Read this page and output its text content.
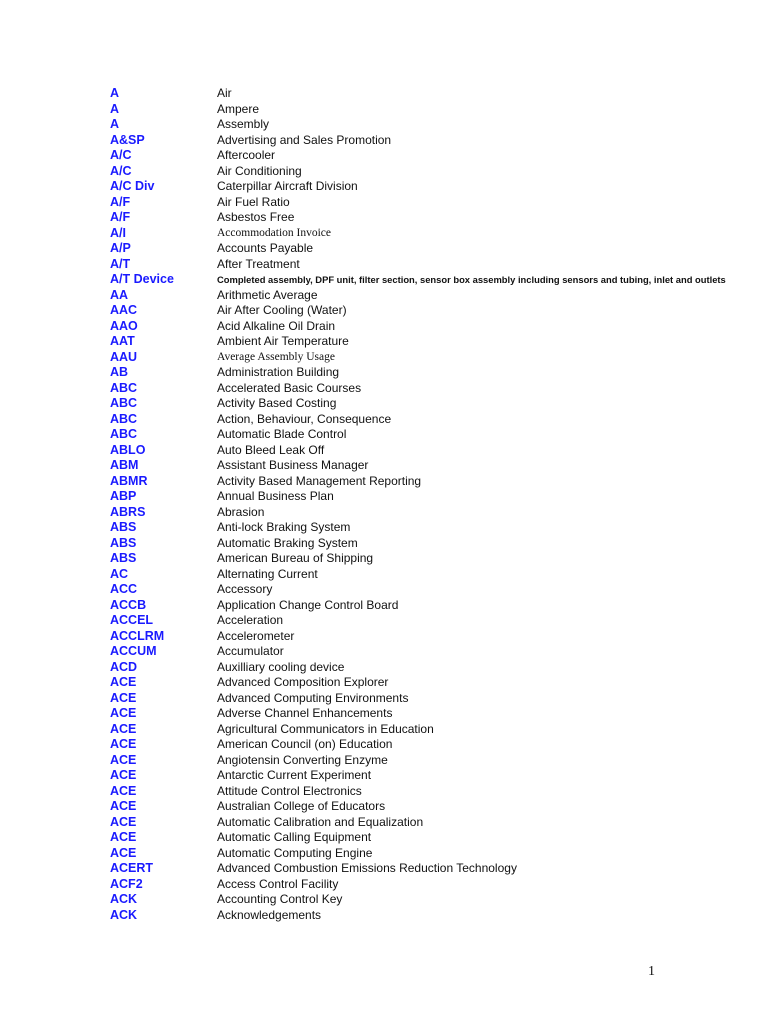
A	Air
A	Ampere
A	Assembly
A&SP	Advertising and Sales Promotion
A/C	Aftercooler
A/C	Air Conditioning
A/C Div	Caterpillar Aircraft Division
A/F	Air Fuel Ratio
A/F	Asbestos Free
A/I	Accommodation Invoice
A/P	Accounts Payable
A/T	After Treatment
A/T Device	Completed assembly, DPF unit, filter section, sensor box assembly including sensors and tubing, inlet and outlets
AA	Arithmetic Average
AAC	Air After Cooling (Water)
AAO	Acid Alkaline Oil Drain
AAT	Ambient Air Temperature
AAU	Average Assembly Usage
AB	Administration Building
ABC	Accelerated Basic Courses
ABC	Activity Based Costing
ABC	Action, Behaviour, Consequence
ABC	Automatic Blade Control
ABLO	Auto Bleed Leak Off
ABM	Assistant Business Manager
ABMR	Activity Based Management Reporting
ABP	Annual Business Plan
ABRS	Abrasion
ABS	Anti-lock Braking System
ABS	Automatic Braking System
ABS	American Bureau of Shipping
AC	Alternating Current
ACC	Accessory
ACCB	Application Change Control Board
ACCEL	Acceleration
ACCLRM	Accelerometer
ACCUM	Accumulator
ACD	Auxilliary cooling device
ACE	Advanced Composition Explorer
ACE	Advanced Computing Environments
ACE	Adverse Channel Enhancements
ACE	Agricultural Communicators in Education
ACE	American Council (on) Education
ACE	Angiotensin Converting Enzyme
ACE	Antarctic Current Experiment
ACE	Attitude Control Electronics
ACE	Australian College of Educators
ACE	Automatic Calibration and Equalization
ACE	Automatic Calling Equipment
ACE	Automatic Computing Engine
ACERT	Advanced Combustion Emissions Reduction Technology
ACF2	Access Control Facility
ACK	Accounting Control Key
ACK	Acknowledgements
1
